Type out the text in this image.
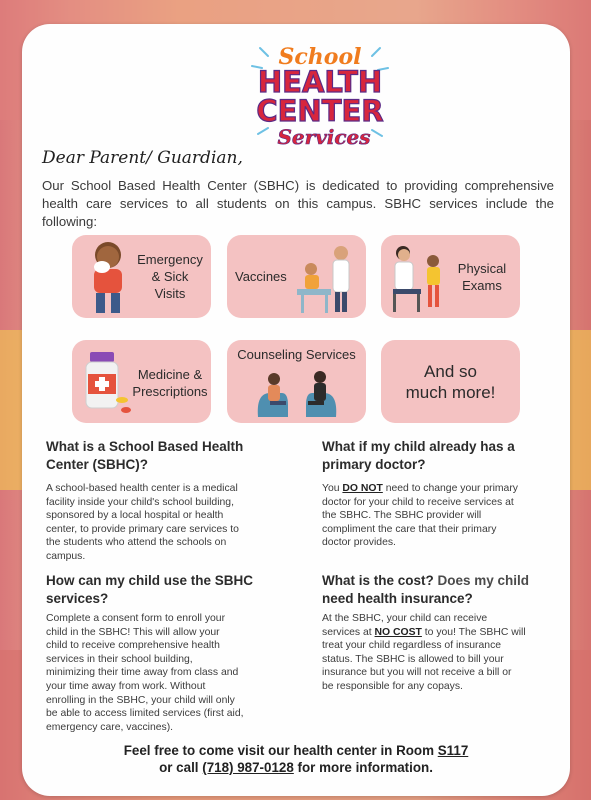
School
HEALTH
CENTER
Services
Dear Parent/ Guardian,
Our School Based Health Center (SBHC) is dedicated to providing comprehensive health care services to all students on this campus. SBHC services include the following:
Emergency
& Sick
Visits
Vaccines
Physical
Exams
Medicine &
Prescriptions
Counseling Services
And so
much more!
What is a School Based Health
Center (SBHC)?
A school-based health center is a medical
facility inside your child's school building,
sponsored by a local hospital or health
center, to provide primary care services to
the students who attend the schools on
campus.
What if my child already has a
primary doctor?
You DO NOT need to change your primary
doctor for your child to receive services at
the SBHC. The SBHC provider will
compliment the care that their primary
doctor provides.
How can my child use the SBHC
services?
Complete a consent form to enroll your
child in the SBHC! This will allow your
child to receive comprehensive health
services in their school building,
minimizing their time away from class and
your time away from work. Without
enrolling in the SBHC, your child will only
be able to access limited services (first aid,
emergency care, vaccines).
What is the cost? Does my child
need health insurance?
At the SBHC, your child can receive
services at NO COST to you! The SBHC will
treat your child regardless of insurance
status. The SBHC is allowed to bill your
insurance but you will not receive a bill or
be responsible for any copays.
Feel free to come visit our health center in Room S117
or call (718) 987-0128 for more information.
